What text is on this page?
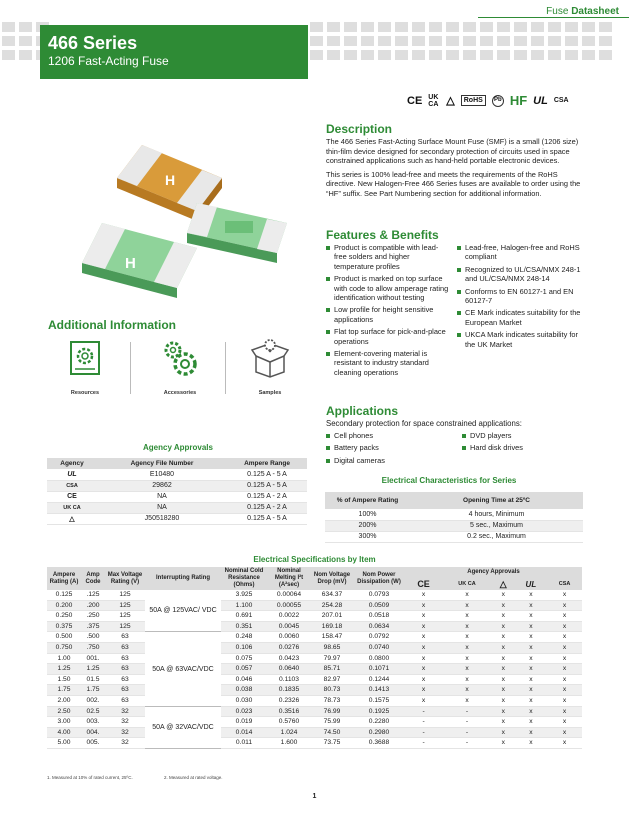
Fuse Datasheet
466 Series
1206 Fast-Acting Fuse
CE UK CA △	RoHS	Pb HF UL CSA
H
H
Description

The 466 Series Fast-Acting Surface Mount Fuse (SMF) is a small (1206 size) thin-film device designed for secondary protection of circuits used in space constrained applications such as hand-held portable electronic devices.

This series is 100% lead-free and meets the requirements of the RoHS directive. New Halogen-Free 466 Series fuses are available to order using the “HF” suffix. See Part Numbering section for additional information.

Features & Benefits
Product is compatible with lead-free solders and higher temperature profiles
Product is marked on top surface with code to allow amperage rating identification without testing
Low profile for height sensitive applications
Flat top surface for pick-and-place operations
Element-covering material is resistant to industry standard cleaning operations
Lead-free, Halogen-free and RoHS compliant
Recognized to UL/CSA/NMX 248-1 and UL/CSA/NMX 248-14
Conforms to EN 60127-1 and EN 60127-7
CE Mark indicates suitability for the European Market
UKCA Mark indicates suitability for the UK Market
Applications
Secondary protection for space constrained applications:
Cell phones
Battery packs
Digital cameras
DVD players
Hard disk drives
Additional Information
Resources	Accessories	Samples
Agency Approvals
Agency	Agency File Number	Ampere Range
UL	E10480	0.125 A - 5 A
CSA	29862	0.125 A - 5 A
CE	NA	0.125 A - 2 A
UK CA	NA	0.125 A - 2 A
△	J50518280	0.125 A - 5 A
Electrical Characteristics for Series
% of Ampere Rating	Opening Time at 25ºC
100%	4 hours, Minimum
200%	5 sec., Maximum
300%	0.2 sec., Maximum
Electrical Specifications by Item
Ampere Rating (A)	Amp Code	Max Voltage Rating (V)	Interrupting Rating	Nominal Cold Resistance (Ohms)	Nominal Melting I²t (A²sec)	Nom Voltage Drop (mV)	Nom Power Dissipation (W)	Agency Approvals				
								CE	UK CA	△	UL	CSA
0.125	.125	125	50A @ 125VAC/ VDC	3.925	0.00064	634.37	0.0793	x	x	x	x	x
0.200	.200	125		1.100	0.00055	254.28	0.0509	x	x	x	x	x
0.250	.250	125		0.691	0.0022	207.01	0.0518	x	x	x	x	x
0.375	.375	125		0.351	0.0045	169.18	0.0634	x	x	x	x	x
0.500	.500	63	50A @ 63VAC/VDC	0.248	0.0060	158.47	0.0792	x	x	x	x	x
0.750	.750	63		0.106	0.0276	98.65	0.0740	x	x	x	x	x
1.00	001.	63		0.075	0.0423	79.97	0.0800	x	x	x	x	x
1.25	1.25	63		0.057	0.0640	85.71	0.1071	x	x	x	x	x
1.50	01.5	63		0.046	0.1103	82.97	0.1244	x	x	x	x	x
1.75	1.75	63		0.038	0.1835	80.73	0.1413	x	x	x	x	x
2.00	002.	63		0.030	0.2326	78.73	0.1575	x	x	x	x	x
2.50	02.5	32	50A @ 32VAC/VDC	0.023	0.3516	76.99	0.1925	-	-	x	x	x
3.00	003.	32		0.019	0.5760	75.99	0.2280	-	-	x	x	x
4.00	004.	32		0.014	1.024	74.50	0.2980	-	-	x	x	x
5.00	005.	32		0.011	1.600	73.75	0.3688	-	-	x	x	x
1. Measured at 10% of rated current, 25ºC.	2. Measured at rated voltage.
1
